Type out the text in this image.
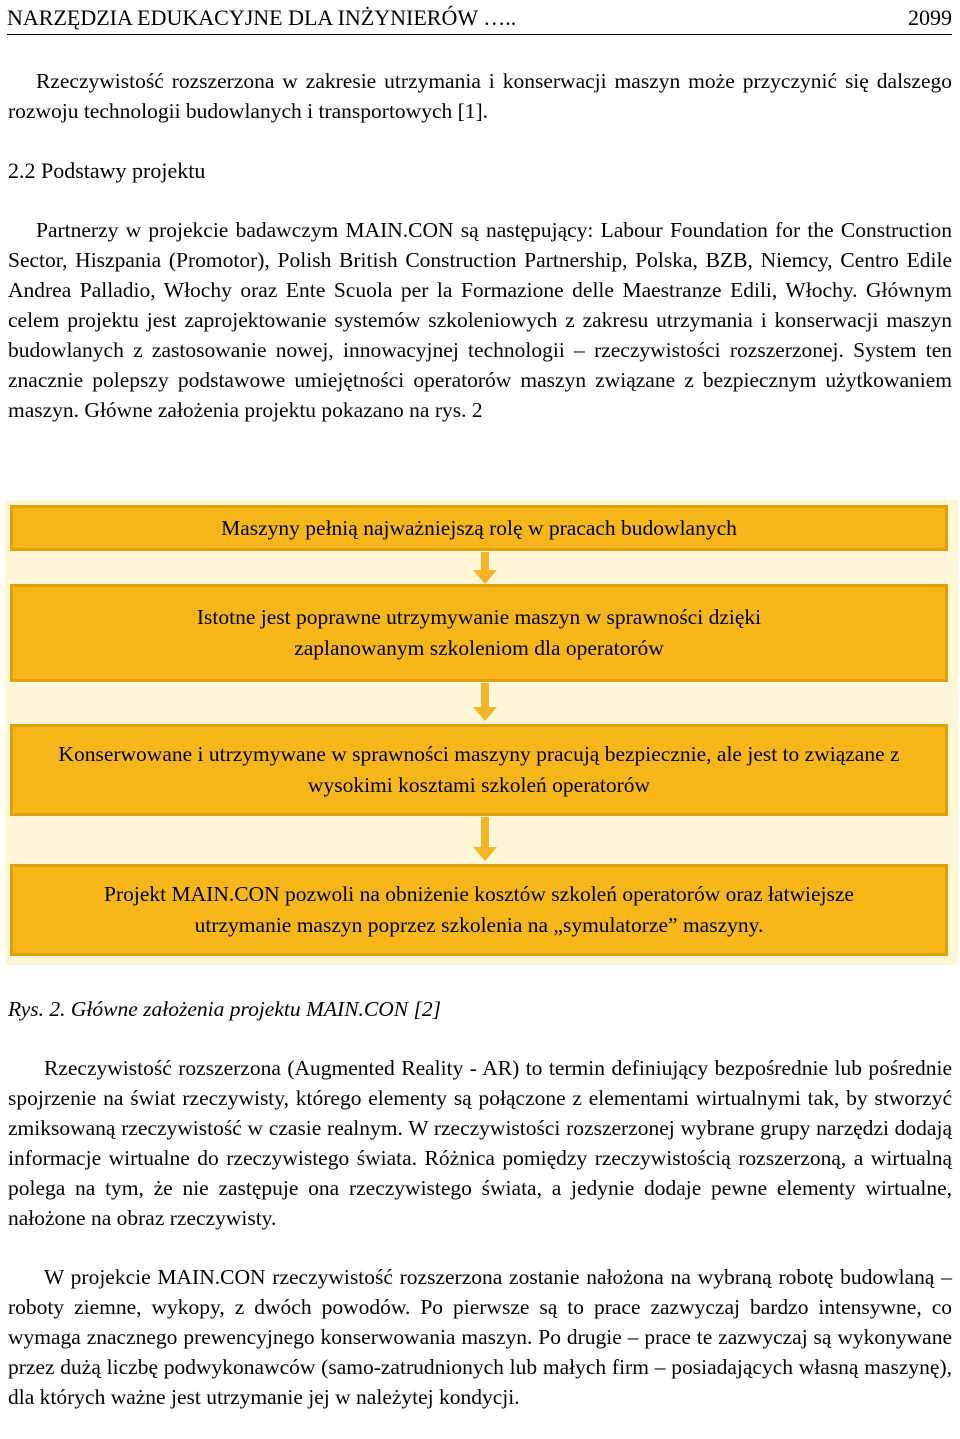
NARZĘDZIA EDUKACYJNE DLA INŻYNIERÓW …..	2099

Rzeczywistość rozszerzona w zakresie utrzymania i konserwacji maszyn może przyczynić się dalszego rozwoju technologii budowlanych i transportowych [1].

2.2 Podstawy projektu

Partnerzy w projekcie badawczym MAIN.CON są następujący: Labour Foundation for the Construction Sector, Hiszpania (Promotor), Polish British Construction Partnership, Polska, BZB, Niemcy, Centro Edile Andrea Palladio, Włochy oraz Ente Scuola per la Formazione delle Maestranze Edili, Włochy. Głównym celem projektu jest zaprojektowanie systemów szkoleniowych z zakresu utrzymania i konserwacji maszyn budowlanych z zastosowanie nowej, innowacyjnej technologii – rzeczywistości rozszerzonej. System ten znacznie polepszy podstawowe umiejętności operatorów maszyn związane z bezpiecznym użytkowaniem maszyn. Główne założenia projektu pokazano na rys. 2

Maszyny pełnią najważniejszą rolę w pracach budowlanych
Istotne jest poprawne utrzymywanie maszyn w sprawności dzięki zaplanowanym szkoleniom dla operatorów
Konserwowane i utrzymywane w sprawności maszyny pracują bezpiecznie, ale jest to związane z wysokimi kosztami szkoleń operatorów
Projekt MAIN.CON pozwoli na obniżenie kosztów szkoleń operatorów oraz łatwiejsze utrzymanie maszyn poprzez szkolenia na „symulatorze” maszyny.

Rys. 2. Główne założenia projektu MAIN.CON [2]

Rzeczywistość rozszerzona (Augmented Reality - AR) to termin definiujący bezpośrednie lub pośrednie spojrzenie na świat rzeczywisty, którego elementy są połączone z elementami wirtualnymi tak, by stworzyć zmiksowaną rzeczywistość w czasie realnym. W rzeczywistości rozszerzonej wybrane grupy narzędzi dodają informacje wirtualne do rzeczywistego świata. Różnica pomiędzy rzeczywistością rozszerzoną, a wirtualną polega na tym, że nie zastępuje ona rzeczywistego świata, a jedynie dodaje pewne elementy wirtualne, nałożone na obraz rzeczywisty.

W projekcie MAIN.CON rzeczywistość rozszerzona zostanie nałożona na wybraną robotę budowlaną – roboty ziemne, wykopy, z dwóch powodów. Po pierwsze są to prace zazwyczaj bardzo intensywne, co wymaga znacznego prewencyjnego konserwowania maszyn. Po drugie – prace te zazwyczaj są wykonywane przez dużą liczbę podwykonawców (samo-zatrudnionych lub małych firm – posiadających własną maszynę), dla których ważne jest utrzymanie jej w należytej kondycji.
